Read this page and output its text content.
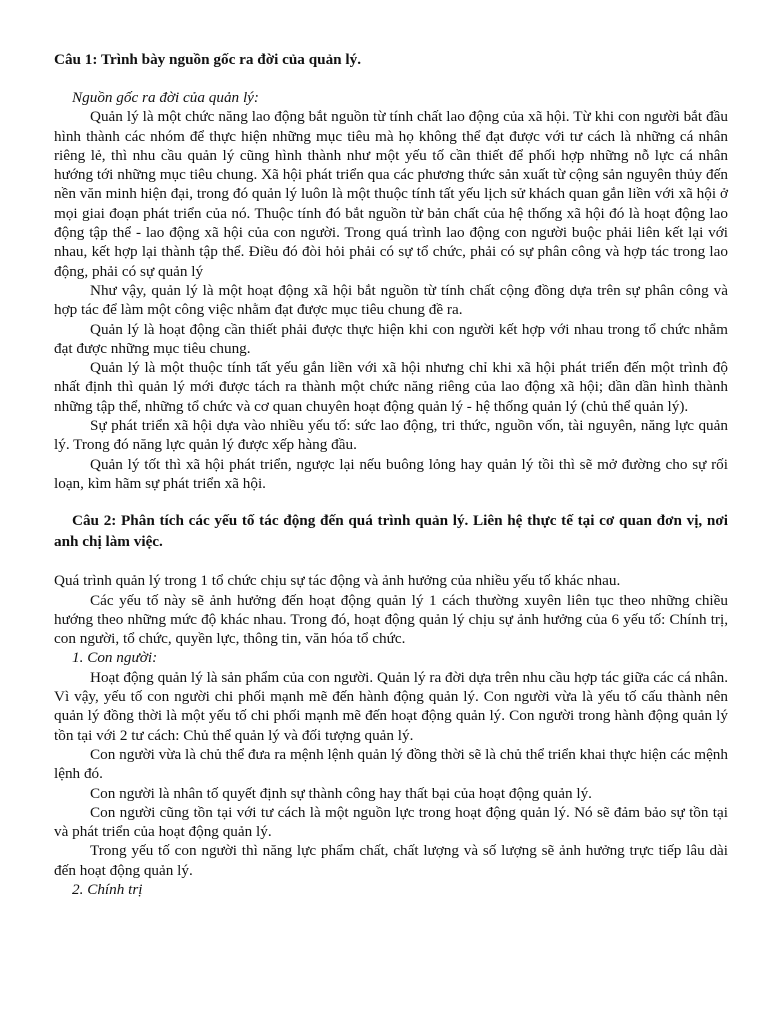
Câu 1: Trình bày nguồn gốc ra đời của quản lý.

Nguồn gốc ra đời của quản lý:

Quản lý là một chức năng lao động bắt nguồn từ tính chất lao động của xã hội. Từ khi con người bắt đầu hình thành các nhóm để thực hiện những mục tiêu mà họ không thể đạt được với tư cách là những cá nhân riêng lẻ, thì nhu cầu quản lý cũng hình thành như một yếu tố cần thiết để phối hợp những nỗ lực cá nhân hướng tới những mục tiêu chung. Xã hội phát triển qua các phương thức sản xuất từ cộng sản nguyên thủy đến nền văn minh hiện đại, trong đó quản lý luôn là một thuộc tính tất yếu lịch sử khách quan gắn liền với xã hội ở mọi giai đoạn phát triển của nó. Thuộc tính đó bắt nguồn từ bản chất của hệ thống xã hội đó là hoạt động lao động tập thể - lao động xã hội của con người. Trong quá trình lao động con người buộc phải liên kết lại với nhau, kết hợp lại thành tập thể. Điều đó đòi hỏi phải có sự tổ chức, phải có sự phân công và hợp tác trong lao động, phải có sự quản lý

Như vậy, quản lý là một hoạt động xã hội bắt nguồn từ tính chất cộng đồng dựa trên sự phân công và hợp tác để làm một công việc nhằm đạt được mục tiêu chung đề ra.

Quản lý là hoạt động cần thiết phải được thực hiện khi con người kết hợp với nhau trong tổ chức nhằm đạt được những mục tiêu chung.

Quản lý là một thuộc tính tất yếu gắn liền với xã hội nhưng chỉ khi xã hội phát triển đến một trình độ nhất định thì quản lý mới được tách ra thành một chức năng riêng của lao động xã hội; dần dần hình thành những tập thể, những tổ chức và cơ quan chuyên hoạt động quản lý - hệ thống quản lý (chủ thể quản lý).

Sự phát triển xã hội dựa vào nhiều yếu tố: sức lao động, tri thức, nguồn vốn, tài nguyên, năng lực quản lý. Trong đó năng lực quản lý được xếp hàng đầu.

Quản lý tốt thì xã hội phát triển, ngược lại nếu buông lỏng hay quản lý tồi thì sẽ mở đường cho sự rối loạn, kìm hãm sự phát triển xã hội.

Câu 2: Phân tích các yếu tố tác động đến quá trình quản lý. Liên hệ thực tế tại cơ quan đơn vị, nơi anh chị làm việc.

Quá trình quản lý trong 1 tổ chức chịu sự tác động và ảnh hưởng của nhiều yếu tố khác nhau.

Các yếu tố này sẽ ảnh hưởng đến hoạt động quản lý 1 cách thường xuyên liên tục theo những chiều hướng theo những mức độ khác nhau. Trong đó, hoạt động quản lý chịu sự ảnh hưởng của 6 yếu tố: Chính trị, con người, tổ chức, quyền lực, thông tin, văn hóa tổ chức.

1. Con người:

Hoạt động quản lý là sản phẩm của con người. Quản lý ra đời dựa trên nhu cầu hợp tác giữa các cá nhân. Vì vậy, yếu tố con người chi phối mạnh mẽ đến hành động quản lý. Con người vừa là yếu tố cấu thành nên quản lý đồng thời là một yếu tố chi phối mạnh mẽ đến hoạt động quản lý. Con người trong hành động quản lý tồn tại với 2 tư cách: Chủ thể quản lý và đối tượng quản lý.

Con người vừa là chủ thể đưa ra mệnh lệnh quản lý đồng thời sẽ là chủ thể triển khai thực hiện các mệnh lệnh đó.

Con người là nhân tố quyết định sự thành công hay thất bại của hoạt động quản lý.

Con người cũng tồn tại với tư cách là một nguồn lực trong hoạt động quản lý. Nó sẽ đảm bảo sự tồn tại và phát triển của hoạt động quản lý.

Trong yếu tố con người thì năng lực phẩm chất, chất lượng và số lượng sẽ ảnh hưởng trực tiếp lâu dài đến hoạt động quản lý.

2. Chính trị
